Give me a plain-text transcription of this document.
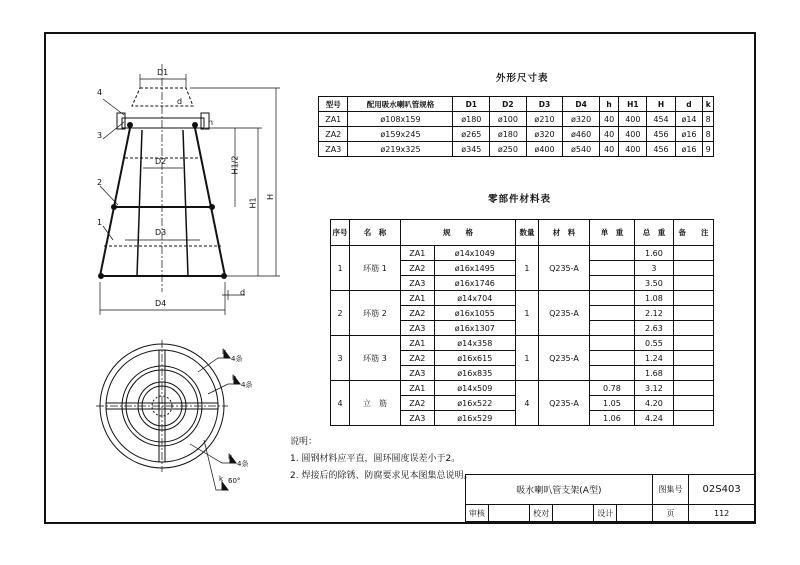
D1
d
h
D2	H1/2
H1
H
D3
D4
d
4
3
2
1
k
4条
k
4条
k
4条
k 60°
外形尺寸表
型号	配用吸水喇叭管规格	D1	D2	D3	D4	h	H1	H	d	k
ZA1	ø108x159	ø180	ø100	ø210	ø320	40	400	454	ø14	8
ZA2	ø159x245	ø265	ø180	ø320	ø460	40	400	456	ø16	8
ZA3	ø219x325	ø345	ø250	ø400	ø540	40	400	456	ø16	9
零部件材料表
序号	名　称	规　　格		数量	材　料	单　重	总　重	备　　注
1	环筋 1	ZA1	ø14x1049	1	Q235-A		1.60	
		ZA2	ø16x1495				3	
		ZA3	ø16x1746				3.50	
2	环筋 2	ZA1	ø14x704	1	Q235-A		1.08	
		ZA2	ø16x1055				2.12	
		ZA3	ø16x1307				2.63	
3	环筋 3	ZA1	ø14x358	1	Q235-A		0.55	
		ZA2	ø16x615				1.24	
		ZA3	ø16x835				1.68	
4	立　筋	ZA1	ø14x509	4	Q235-A	0.78	3.12	
		ZA2	ø16x522			1.05	4.20	
		ZA3	ø16x529			1.06	4.24	
说明：
1. 圆钢材料应平直，圆环圆度误差小于2。
2. 焊接后的除锈、防腐要求见本图集总说明。
吸水喇叭管支架(A型)						图集号	02S403
审核		校对		设计		页	112
